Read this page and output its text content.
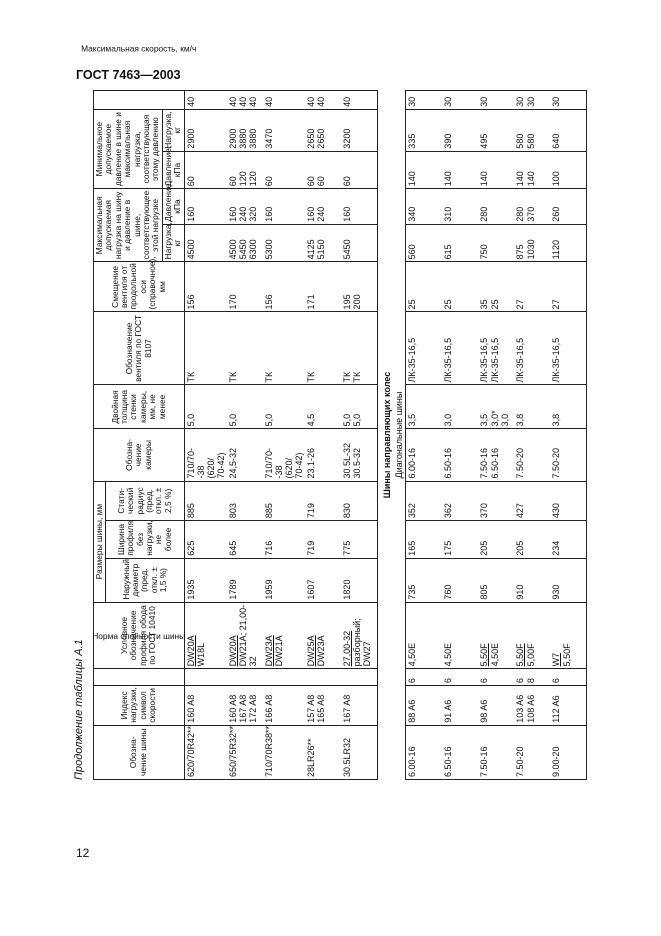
ГОСТ 7463—2003
12
Продолжение таблицы А.1	Обозна-чение шины	Индекс нагрузки, символ скорости	Норма слойности шины	Условное обозначение профиля обода по ГОСТ 10410	Размеры шины, мм			Обозна-чение камеры	Двойная толщина стенки камеры, мм, не менее	Обозначение вентиля по ГОСТ 8107	Смещение вентиля от продольной оси (справочное), мм	Максимальная допускаемая нагрузка на шину и давление в шине, соответствующее этой нагрузке		Минимальное допускаемое давление в шине и максимальная нагрузка, соответствующая этому давлению		Максимальная скорость, км/ч
				Наружный диаметр (пред. откл. ± 1,5 %)	Ширина профиля без нагрузки, не более	Стати-ческий радиус (пред. откл. ± 2,5 %)									
											Нагрузка, кг	Давление, кПа	Давление, кПа	Нагрузка, кг	
620/70R42**	160 A8		DW20A W18L	1935	625	885	710/70- -38 (620/ 70-42)	5,0	ТК	156	4500	160	60	2900	40

650/75R32**	160 A8 167 A8 172 A8		DW20A DW21A; 21,00-32	1789	645	803	24,5-32	5,0	ТК	170	4500 5450 6300	160 240 320	60 120 120	2900 3880 3880	40 40 40

710/70R38**	166 A8		DW23A DW21A	1959	716	885	710/70- -38 (620/ 70-42)	5,0	ТК	156	5300	160	60	3470	40

28LR26**	157 A8 165 A8		DW25A DW23A	1607	719	719	23.1-26	4,5	ТК	171	4125 5150	160 240	60 60	2650 2650	40 40

30.5LR32	167 A8		27,00-32 разборный; DW27	1820	775	830	30.5L-32 30.5-32	5,0 5,0	ТК ТК	195 200	5450	160	60	3200	40

Шины направляющих колес															
Диагональные шины															
6.00-16	88 A6	6	4,50E	735	165	352	6.00-16	3,5	ЛК-35-16,5	25	560	340	140	335	30

6.50-16	91 A6	6	4,50E	760	175	362	6.50-16	3,0	ЛК-35-16,5	25	615	310	140	390	30

7.50-16	98 A6	6	5,50F 4,50E	805	205	370	7.50-16 6.50-16	3,5 3,0* 3,0	ЛК-35-16,5 ЛК-35-16,5	35 25	750	280	140	495	30

7.50-20	103 A6 108 A6	6 8	5,50F 5,00F	910	205	427	7.50-20	3,8	ЛК-35-16,5	27	875 1030	280 370	140 140	580 580	30 30

9.00-20	112 A6	6	W7 5,50F	930	234	430	7.50-20	3,8	ЛК-35-16,5	27	1120	260	100	640	30
